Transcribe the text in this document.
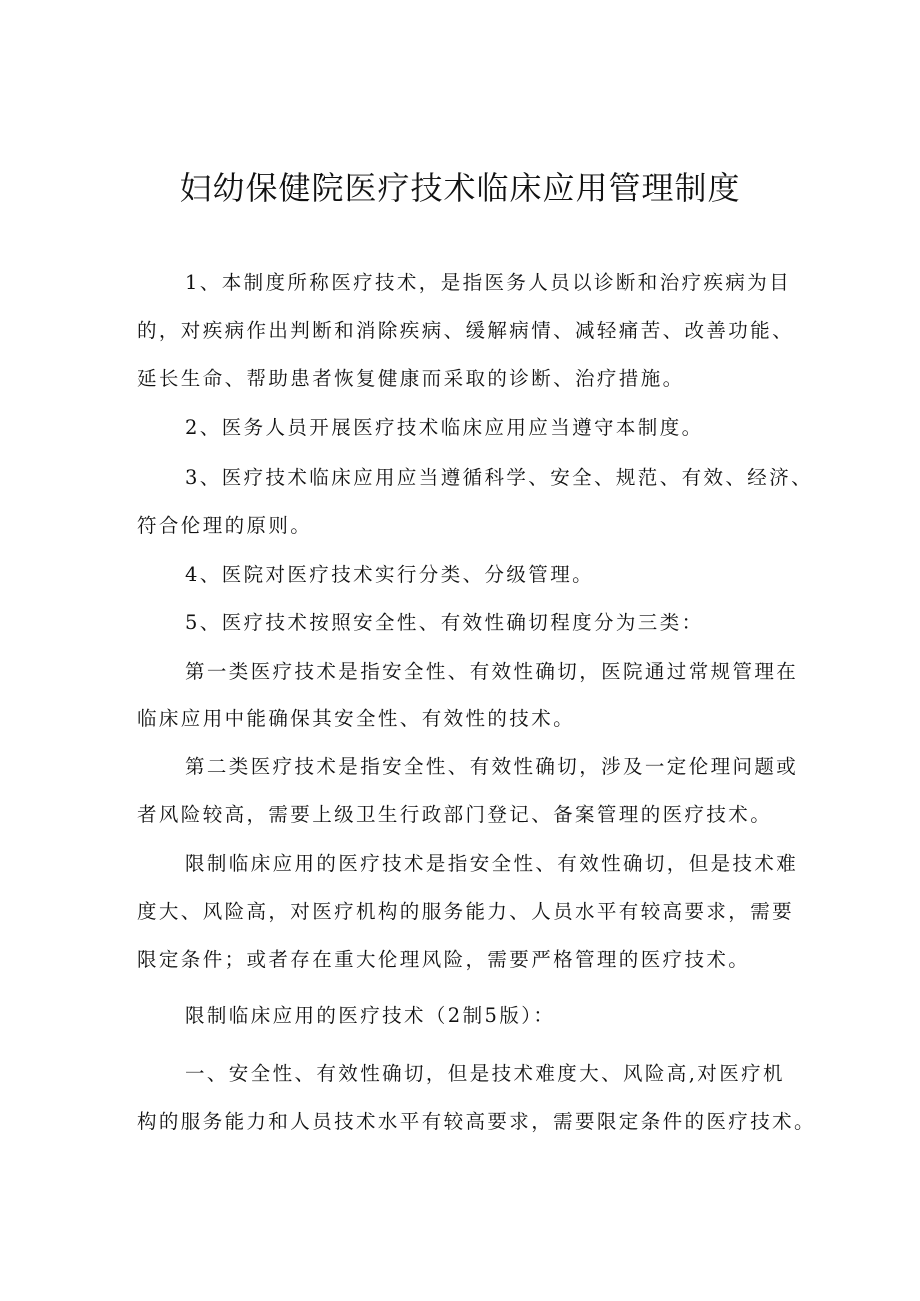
妇幼保健院医疗技术临床应用管理制度

1、本制度所称医疗技术，是指医务人员以诊断和治疗疾病为目

的，对疾病作出判断和消除疾病、缓解病情、减轻痛苦、改善功能、

延长生命、帮助患者恢复健康而采取的诊断、治疗措施。

2、医务人员开展医疗技术临床应用应当遵守本制度。

3、医疗技术临床应用应当遵循科学、安全、规范、有效、经济、

符合伦理的原则。

4、医院对医疗技术实行分类、分级管理。

5、医疗技术按照安全性、有效性确切程度分为三类：

第一类医疗技术是指安全性、有效性确切，医院通过常规管理在

临床应用中能确保其安全性、有效性的技术。

第二类医疗技术是指安全性、有效性确切，涉及一定伦理问题或

者风险较高，需要上级卫生行政部门登记、备案管理的医疗技术。

限制临床应用的医疗技术是指安全性、有效性确切，但是技术难

度大、风险高，对医疗机构的服务能力、人员水平有较高要求，需要

限定条件；或者存在重大伦理风险，需要严格管理的医疗技术。

限制临床应用的医疗技术（2制5版）：

一、安全性、有效性确切，但是技术难度大、风险高,对医疗机

构的服务能力和人员技术水平有较高要求，需要限定条件的医疗技术。
